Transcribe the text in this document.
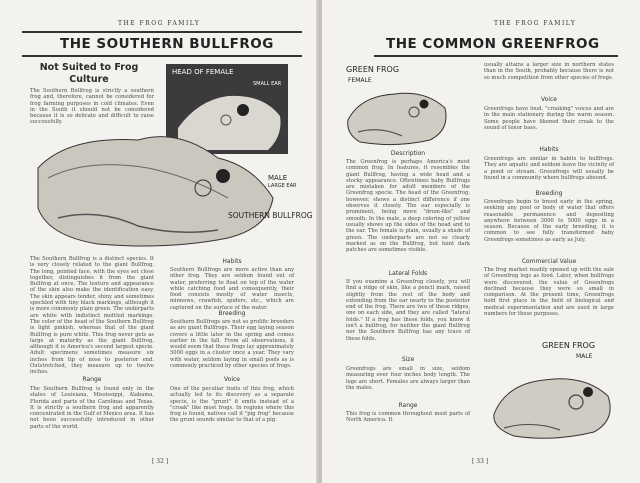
THE FROG FAMILY
THE SOUTHERN BULLFROG
Not Suited to Frog Culture
The Southern Bullfrog is strictly a southern frog and, therefore, cannot be considered for frog farming purposes in cold climates. Even in the South it should not be considered because it is so delicate and difficult to raise successfully.
HEAD OF FEMALE
SMALL EAR
MALE
LARGE EAR
SOUTHERN BULLFROG
The Southern Bullfrog is a distinct species. It is very closely related to the giant Bullfrog. The long, pointed face, with the eyes set close together, distinguishes it from the giant Bullfrog at once. The texture and appearance of the skin also make the identification easy. The skin appears tender, shiny and sometimes speckled with tiny black markings, although it is more commonly plain green. The underparts are white with indistinct mottled markings. The color of the head of the Southern Bullfrog is light pinkish, whereas that of the giant Bullfrog is pure white. This frog never gets as large at maturity as the giant Bullfrog, although it is America's second largest specie. Adult specimens sometimes measure six inches from tip of nose to posterior end. Outstretched, they measure up to twelve inches.
Range
The Southern Bullfrog is found only in the states of Louisiana, Mississippi, Alabama, Florida and parts of the Carolinas and Texas. It is strictly a southern frog and apparently concentrated in the Gulf of Mexico area. It has not been successfully introduced in other parts of the world.
Habits
Southern Bullfrogs are more active than any other frog. They are seldom found out of water, preferring to float on top of the water while catching food and consequently, their food consists mostly of water insects, minnows, crawfish, spiders, etc., which are captured on the surface of the water.
Breeding
Southern Bullfrogs are not so prolific breeders as are giant Bullfrogs. Their egg laying season covers a little later in the spring and comes earlier in the fall. From all observations, it would seem that these frogs lay approximately 5000 eggs in a cluster once a year. They vary with water, seldom laying in small pools as is commonly practiced by other species of frogs.
Voice
One of the peculiar traits of this frog, which actually led to its discovery as a separate specie, is the "grunt" it emits instead of a "croak" like most frogs. In regions where this frog is found, natives call it "pig frog" because the grunt sounds similar to that of a pig.
[ 32 ]
THE FROG FAMILY
THE COMMON GREENFROG
GREEN FROG
FEMALE
Description
The Greenfrog is perhaps America's most common frog. In features, it resembles the giant Bullfrog, having a wide head and a stocky appearance. Oftentimes baby Bullfrogs are mistaken for adult members of the Greenfrog specie. The head of the Greenfrog, however, shows a distinct difference if one observes it closely. The ear especially is prominent, being more "drum-like" and smooth. In the male, a deep coloring of yellow usually shows up the sides of the head and to the ear. The female is plain, usually a shade of green. The underparts are not so clearly marked as on the Bullfrog, but faint dark patches are sometimes visible.
Lateral Folds
If you examine a Greenfrog closely, you will find a ridge of skin, like a pencil mark, raised slightly from the rest of the body and extending from the ear nearly to the posterior end of the frog. There are two of these ridges, one on each side, and they are called "lateral folds." If a frog has these folds, you know it isn't a bullfrog, for neither the giant Bullfrog nor the Southern Bullfrog has any trace of these folds.
Size
Greenfrogs are small in size, seldom measuring over four inches body length. The legs are short. Females are always larger than the males.
Range
This frog is common throughout most parts of North America. It
usually attains a larger size in northern states than in the South, probably because there is not so much competition from other species of frogs.
Voice
Greenfrogs have loud, "croaking" voices and are in the main stationary during the warm season. Some people have likened their croak to the sound of tenor bass.
Habits
Greenfrogs are similar in habits to bullfrogs. They are aquatic and seldom leave the vicinity of a pond or stream. Greenfrogs will usually be found in a community where bullfrogs abound.
Breeding
Greenfrogs begin to breed early in the spring, seeking any pool or body of water that offers reasonable permanence and depositing anywhere between 3000 to 5000 eggs in a season. Because of the early breeding, it is common to see fully transformed baby Greenfrogs sometimes as early as July.
Commercial Value
The frog market readily opened up with the sale of Greenfrog legs as food. Later, when bullfrogs were discovered, the value of Greenfrogs declined because they were so small in comparison. At the present time, Greenfrogs hold first place in the field of biological and medical experimentation and are used in large numbers for these purposes.
GREEN FROG
MALE
[ 33 ]
